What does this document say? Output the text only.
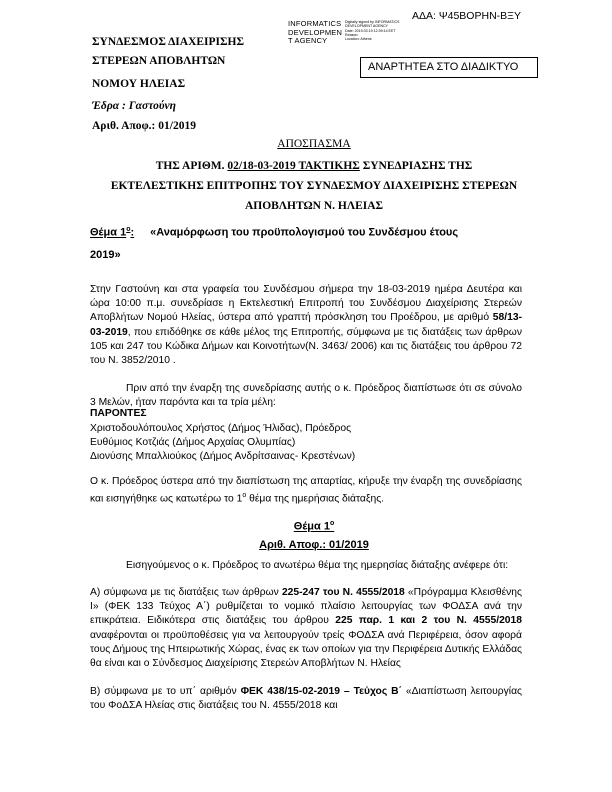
ΑΔΑ: Ψ45ΒΟΡΗΝ-ΒΞΥ
ΣΥΝΔΕΣΜΟΣ ΔΙΑΧΕΙΡΙΣΗΣ
ΣΤΕΡΕΩΝ ΑΠΟΒΛΗΤΩΝ
ΝΟΜΟΥ ΗΛΕΙΑΣ
Έδρα : Γαστούνη
Αριθ. Αποφ.: 01/2019
INFORMATICS
DEVELOPMEN
T AGENCY
Digitally signed by INFORMATICS
DEVELOPMENT AGENCY
Date: 2019.03.19 12:39:14 EET
Reason:
Location: Athens
ΑΝΑΡΤΗΤΕΑ ΣΤΟ ΔΙΑΔΙΚΤΥΟ
ΑΠΟΣΠΑΣΜΑ
ΤΗΣ ΑΡΙΘΜ. 02/18-03-2019 ΤΑΚΤΙΚΗΣ ΣΥΝΕΔΡΙΑΣΗΣ ΤΗΣ
ΕΚΤΕΛΕΣΤΙΚΗΣ ΕΠΙΤΡΟΠΗΣ ΤΟΥ ΣΥΝΔΕΣΜΟΥ ΔΙΑΧΕΙΡΙΣΗΣ ΣΤΕΡΕΩΝ
ΑΠΟΒΛΗΤΩΝ Ν. ΗΛΕΙΑΣ
Θέμα $1^o$: «Αναμόρφωση του προϋπολογισμού του Συνδέσμου έτους
2019»
Στην Γαστούνη και στα γραφεία του Συνδέσμου σήμερα την 18-03-2019 ημέρα Δευτέρα και ώρα 10:00 π.μ. συνεδρίασε η Εκτελεστική Επιτροπή του Συνδέσμου Διαχείρισης Στερεών Αποβλήτων Νομού Ηλείας, ύστερα από γραπτή πρόσκληση του Προέδρου, με αριθμό 58/13-03-2019, που επιδόθηκε σε κάθε μέλος της Επιτροπής, σύμφωνα με τις διατάξεις των άρθρων 105 και 247 του Κώδικα Δήμων και Κοινοτήτων(Ν. 3463/ 2006) και τις διατάξεις του άρθρου 72 του Ν. 3852/2010 .
Πριν από την έναρξη της συνεδρίασης αυτής ο κ. Πρόεδρος διαπίστωσε ότι σε σύνολο 3 Μελών, ήταν παρόντα και τα τρία μέλη:
ΠΑΡΟΝΤΕΣ
Χριστοδουλόπουλος Χρήστος (Δήμος Ήλιδας), Πρόεδρος
Ευθύμιος Κοτζιάς (Δήμος Αρχαίας Ολυμπίας)
Διονύσης Μπαλλιούκος (Δήμος Ανδρίτσαινας- Κρεστένων)
Ο κ. Πρόεδρος ύστερα από την διαπίστωση της απαρτίας, κήρυξε την έναρξη της συνεδρίασης και εισηγήθηκε ως κατωτέρω το $1^o$ θέμα της ημερήσιας διάταξης.
Θέμα $1^o$
Αριθ. Αποφ.: 01/2019
Εισηγούμενος ο κ. Πρόεδρος το ανωτέρω θέμα της ημερησίας διάταξης ανέφερε ότι:
Α) σύμφωνα με τις διατάξεις των άρθρων 225-247 του Ν. 4555/2018 «Πρόγραμμα Κλεισθένης Ι» (ΦΕΚ 133 Τεύχος Α΄) ρυθμίζεται το νομικό πλαίσιο λειτουργίας των ΦΟΔΣΑ ανά την επικράτεια. Ειδικότερα στις διατάξεις του άρθρου 225 παρ. 1 και 2 του Ν. 4555/2018 αναφέρονται οι προϋποθέσεις για να λειτουργούν τρείς ΦΟΔΣΑ ανά Περιφέρεια, όσον αφορά τους Δήμους της Ηπειρωτικής Χώρας, ένας εκ των οποίων για την Περιφέρεια Δυτικής Ελλάδας θα είναι και ο Σύνδεσμος Διαχείρισης Στερεών Αποβλήτων Ν. Ηλείας
Β) σύμφωνα με το υπ΄ αριθμόν ΦΕΚ 438/15-02-2019 – Τεύχος Β΄ «Διαπίστωση λειτουργίας του ΦοΔΣΑ Ηλείας στις διατάξεις του Ν. 4555/2018 και
